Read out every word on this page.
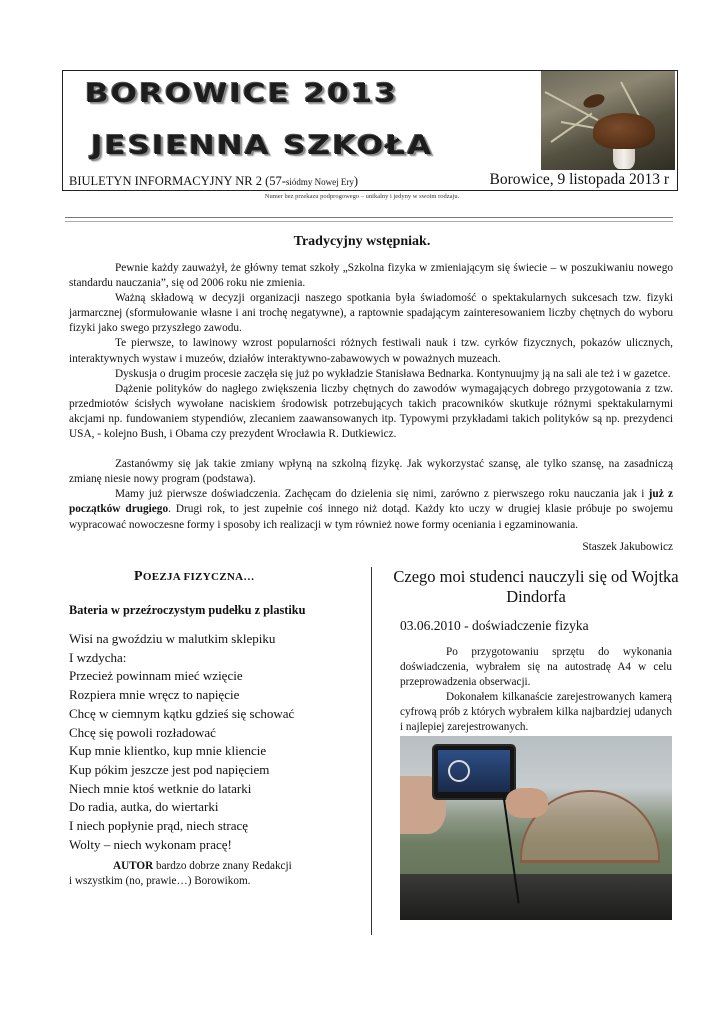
BOROWICE 2013
JESIENNA SZKOŁA
BIULETYN INFORMACYJNY NR 2 (57-siódmy Nowej Ery)	Borowice, 9 listopada 2013 r
Numer bez przekazu podprogowego – unikalny i jedyny w swoim rodzaju.
Tradycyjny wstępniak.

Pewnie każdy zauważył, że główny temat szkoły „Szkolna fizyka w zmieniającym się świecie – w poszukiwaniu nowego standardu nauczania”, się od 2006 roku nie zmienia.

Ważną składową w decyzji organizacji naszego spotkania była świadomość o spektakularnych sukcesach tzw. fizyki jarmarcznej (sformułowanie własne i ani trochę negatywne), a raptownie spadającym zainteresowaniem liczby chętnych do wyboru fizyki jako swego przyszłego zawodu.

Te pierwsze, to lawinowy wzrost popularności różnych festiwali nauk i tzw. cyrków fizycznych, pokazów ulicznych, interaktywnych wystaw i muzeów, działów interaktywno-zabawowych w poważnych muzeach.

Dyskusja o drugim procesie zaczęła się już po wykładzie Stanisława Bednarka. Kontynuujmy ją na sali ale też i w gazetce.

Dążenie polityków do nagłego zwiększenia liczby chętnych do zawodów wymagających dobrego przygotowania z tzw. przedmiotów ścisłych wywołane naciskiem środowisk potrzebujących takich pracowników skutkuje różnymi spektakularnymi akcjami np. fundowaniem stypendiów, zlecaniem zaawansowanych itp. Typowymi przykładami takich polityków są np. prezydenci USA, - kolejno Bush, i Obama czy prezydent Wrocławia R. Dutkiewicz.

Zastanówmy się jak takie zmiany wpłyną na szkolną fizykę. Jak wykorzystać szansę, ale tylko szansę, na zasadniczą zmianę niesie nowy program (podstawa).

Mamy już pierwsze doświadczenia. Zachęcam do dzielenia się nimi, zarówno z pierwszego roku nauczania jak i już z początków drugiego. Drugi rok, to jest zupełnie coś innego niż dotąd. Każdy kto uczy w drugiej klasie próbuje po swojemu wypracować nowoczesne formy i sposoby ich realizacji w tym również nowe formy oceniania i egzaminowania.

Staszek Jakubowicz

POEZJA FIZYCZNA…
Bateria w przeźroczystym pudełku z plastiku
Wisi na gwoździu w malutkim sklepiku
I wzdycha:
Przecież powinnam mieć wzięcie
Rozpiera mnie wręcz to napięcie
Chcę w ciemnym kątku gdzieś się schować
Chcę się powoli rozładować
Kup mnie klientko, kup mnie kliencie
Kup pókim jeszcze jest pod napięciem
Niech mnie ktoś wetknie do latarki
Do radia, autka, do wiertarki
I niech popłynie prąd, niech stracę
Wolty – niech wykonam pracę!
AUTOR bardzo dobrze znany Redakcji
i wszystkim (no, prawie…) Borowikom.
Czego moi studenci nauczyli się od Wojtka Dindorfa
03.06.2010 - doświadczenie fizyka

Po przygotowaniu sprzętu do wykonania doświadczenia, wybrałem się na autostradę A4 w celu przeprowadzenia obserwacji.

Dokonałem kilkanaście zarejestrowanych kamerą cyfrową prób z których wybrałem kilka najbardziej udanych i najlepiej zarejestrowanych.
